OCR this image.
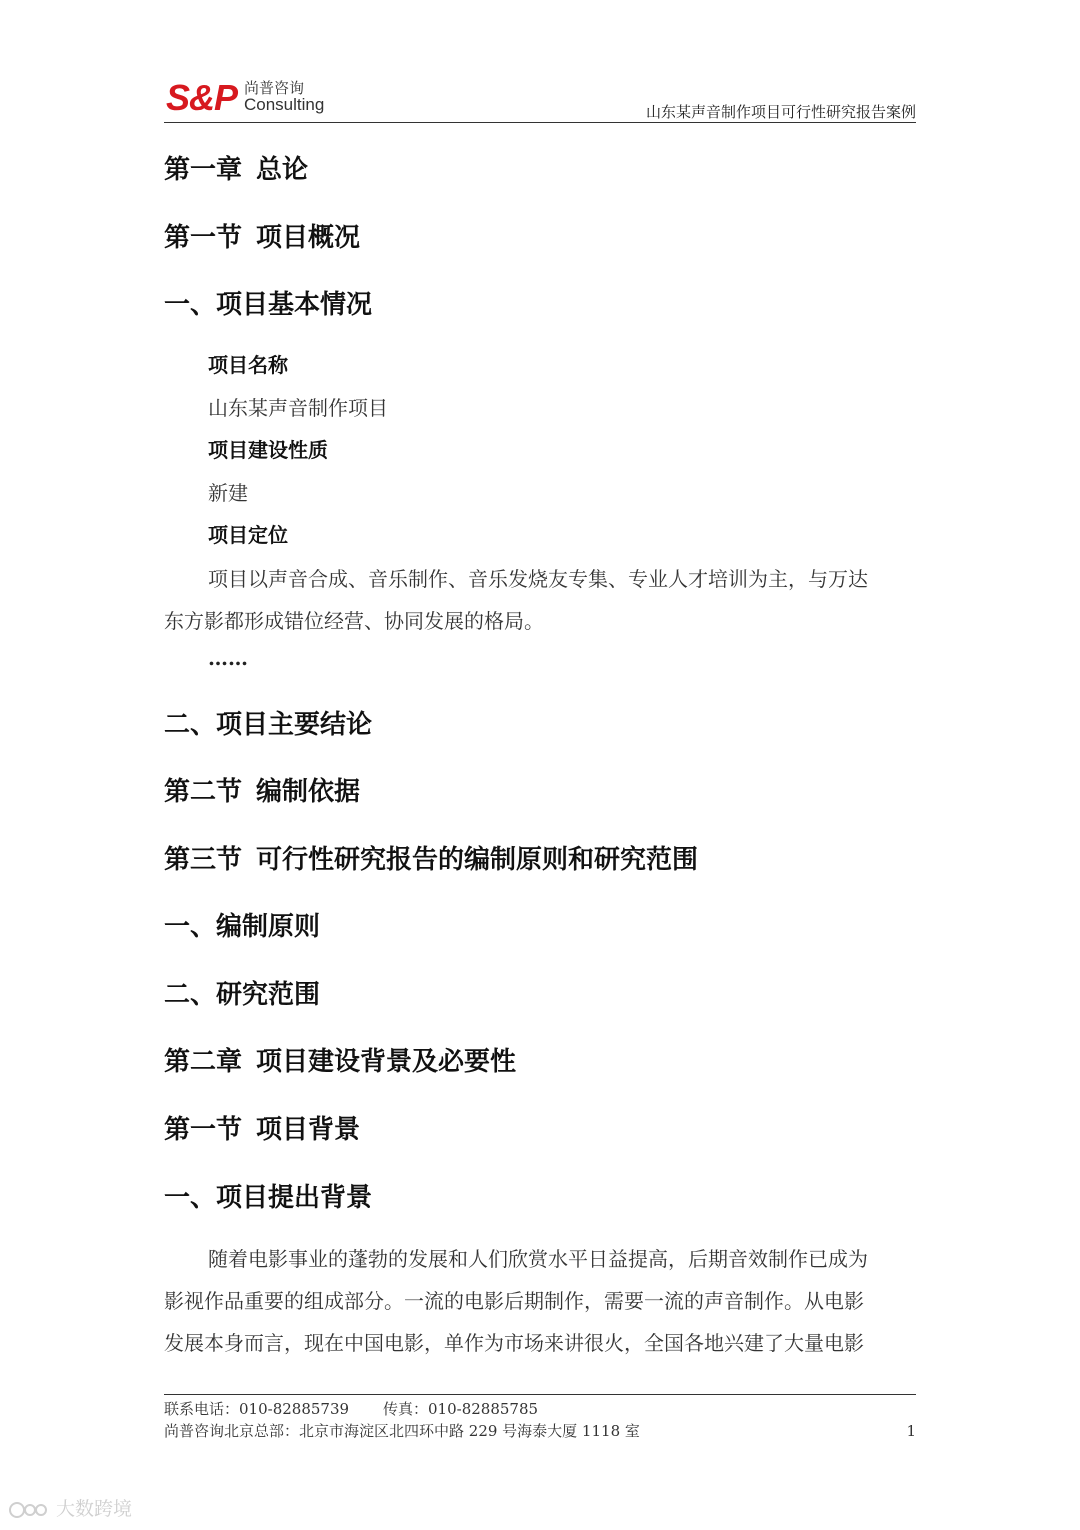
S&P 尚普咨询
Consulting	山东某声音制作项目可行性研究报告案例
第一章 总论
第一节 项目概况
一、项目基本情况
项目名称
山东某声音制作项目
项目建设性质
新建
项目定位
项目以声音合成、音乐制作、音乐发烧友专集、专业人才培训为主，与万达
东方影都形成错位经营、协同发展的格局。
……
二、项目主要结论
第二节 编制依据
第三节 可行性研究报告的编制原则和研究范围
一、编制原则
二、研究范围
第二章 项目建设背景及必要性
第一节 项目背景
一、项目提出背景
随着电影事业的蓬勃的发展和人们欣赏水平日益提高，后期音效制作已成为
影视作品重要的组成部分。一流的电影后期制作，需要一流的声音制作。从电影
发展本身而言，现在中国电影，单作为市场来讲很火，全国各地兴建了大量电影
联系电话：010-82885739 传真：010-82885785
尚普咨询北京总部：北京市海淀区北四环中路 229 号海泰大厦 1118 室	1
大数跨境
